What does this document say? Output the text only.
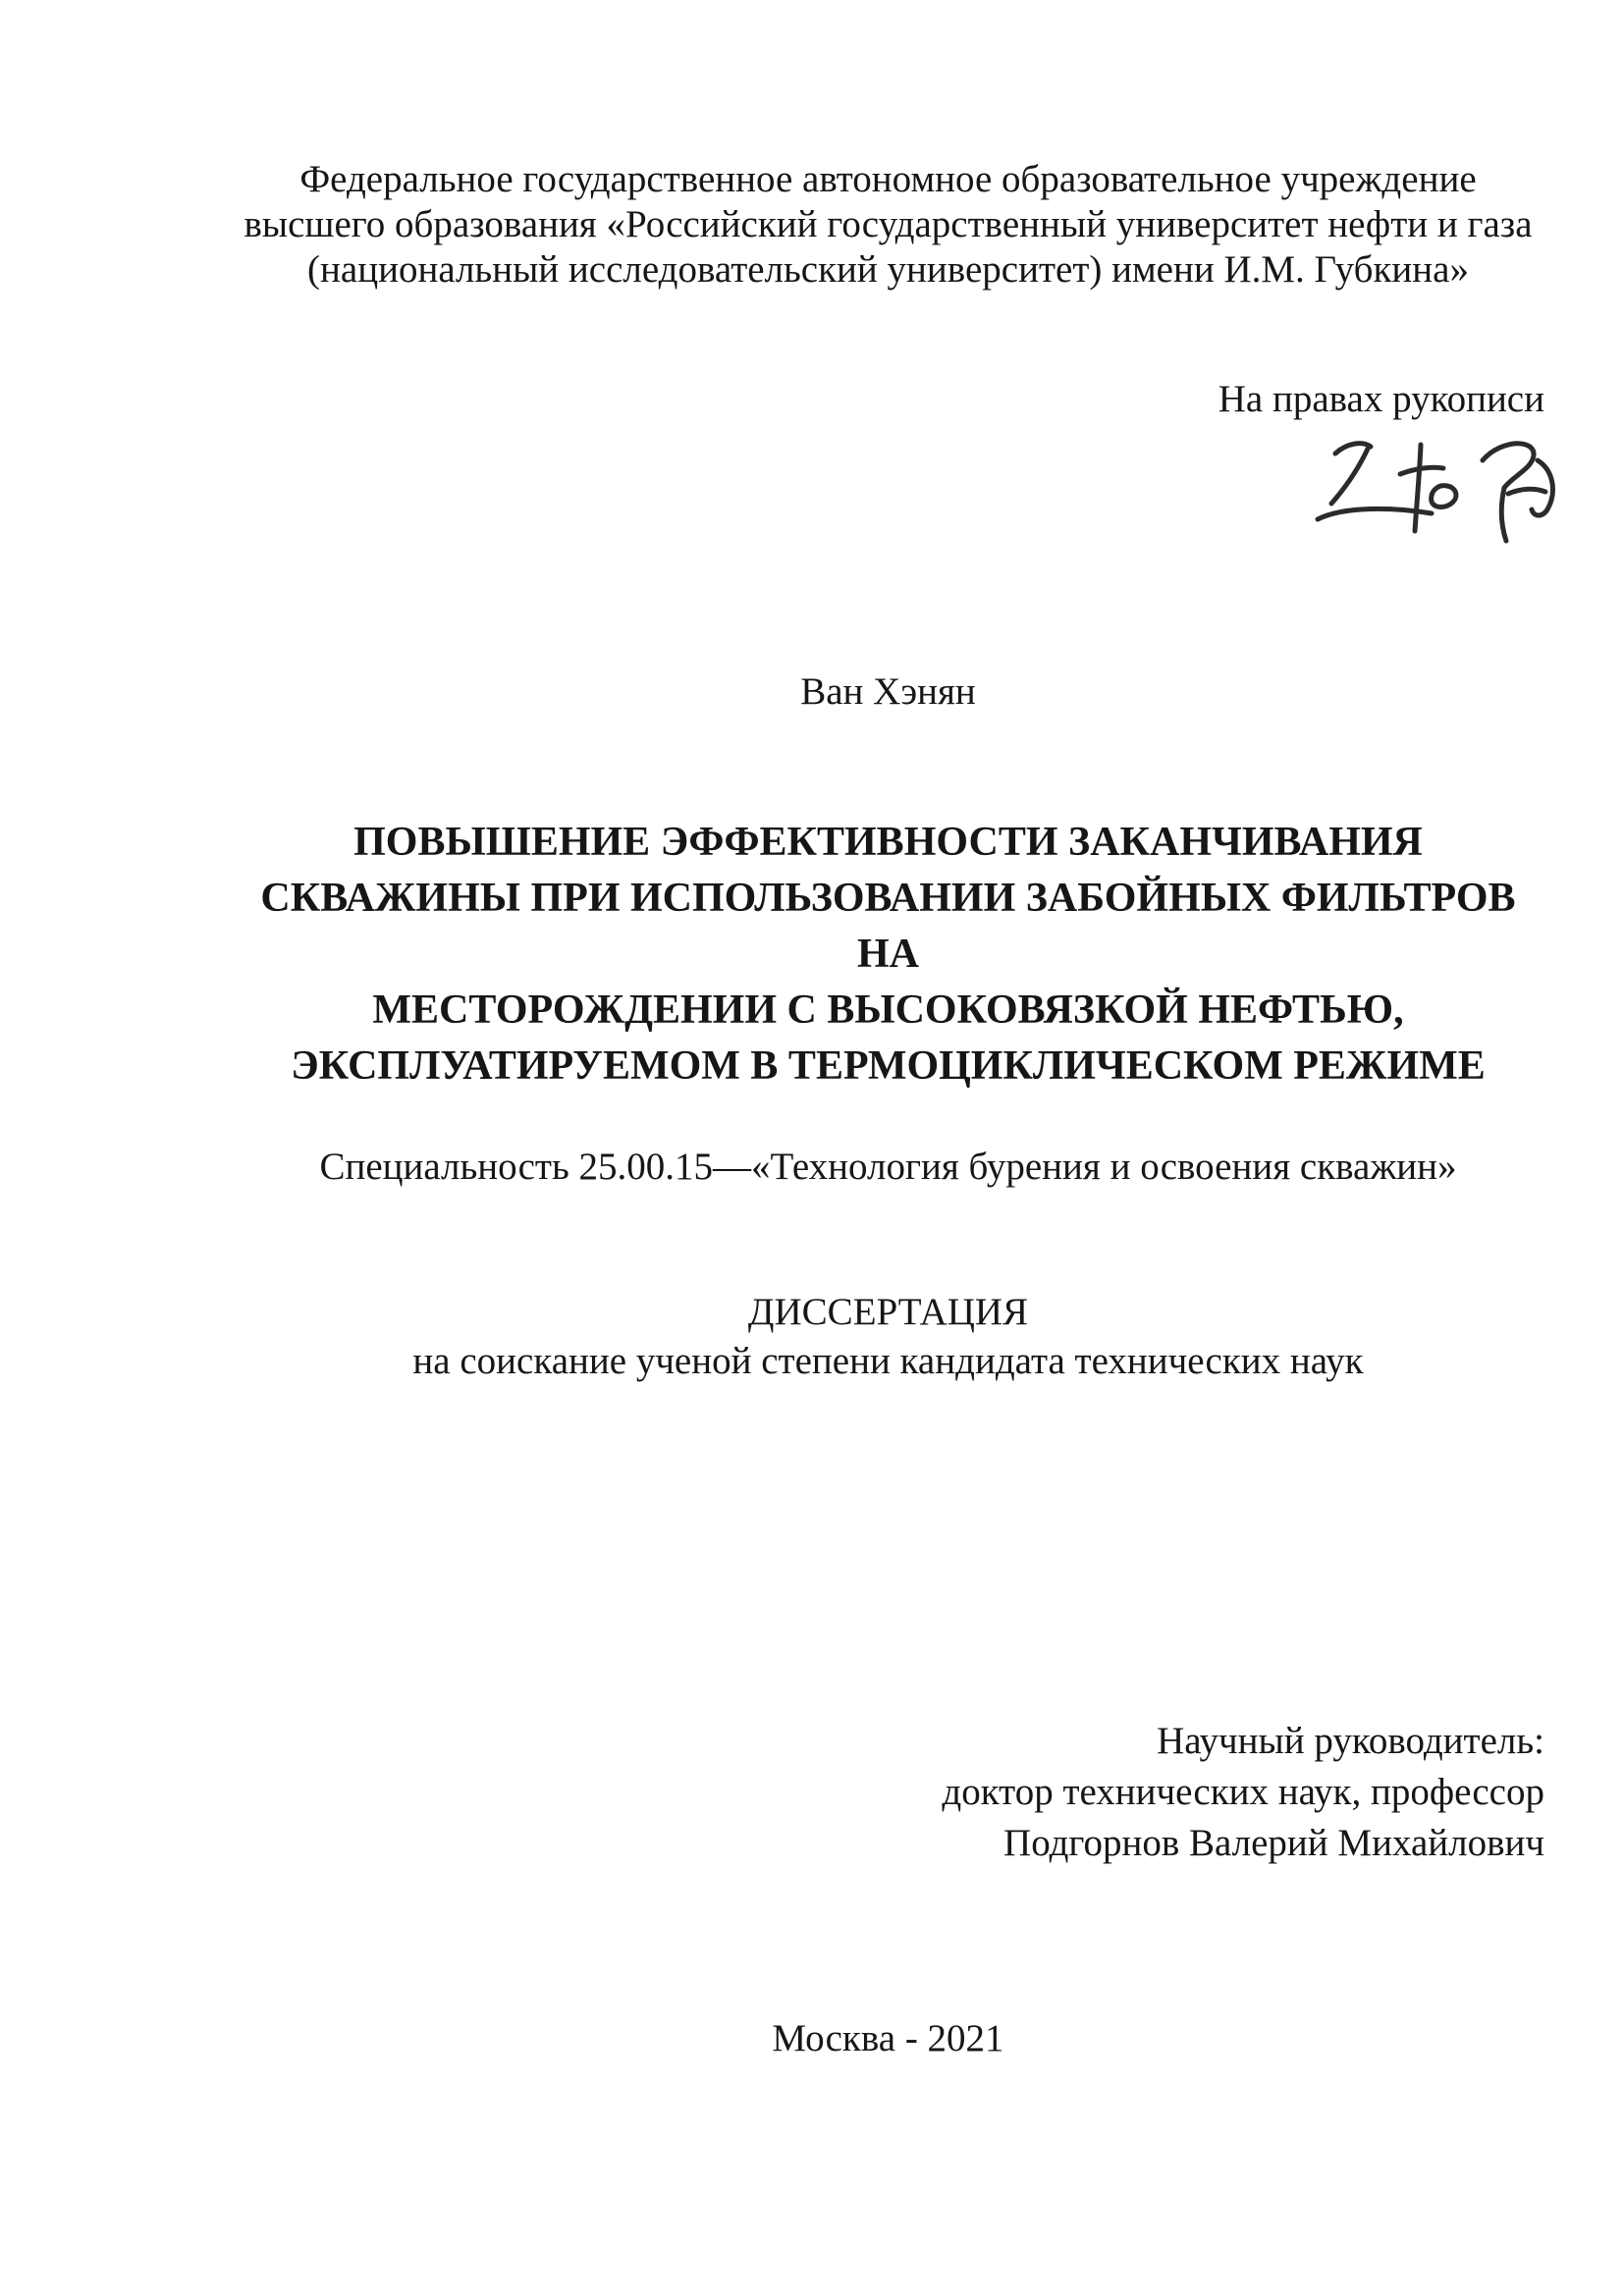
Федеральное государственное автономное образовательное учреждение
высшего образования «Российский государственный университет нефти и газа
(национальный исследовательский университет) имени И.М. Губкина»
На правах рукописи
Ван Хэнян
ПОВЫШЕНИЕ ЭФФЕКТИВНОСТИ ЗАКАНЧИВАНИЯ
СКВАЖИНЫ ПРИ ИСПОЛЬЗОВАНИИ ЗАБОЙНЫХ ФИЛЬТРОВ НА
МЕСТОРОЖДЕНИИ С ВЫСОКОВЯЗКОЙ НЕФТЬЮ,
ЭКСПЛУАТИРУЕМОМ В ТЕРМОЦИКЛИЧЕСКОМ РЕЖИМЕ
Специальность 25.00.15—«Технология бурения и освоения скважин»
ДИССЕРТАЦИЯ
на соискание ученой степени кандидата технических наук
Научный руководитель:
доктор технических наук, профессор
Подгорнов Валерий Михайлович
Москва - 2021
